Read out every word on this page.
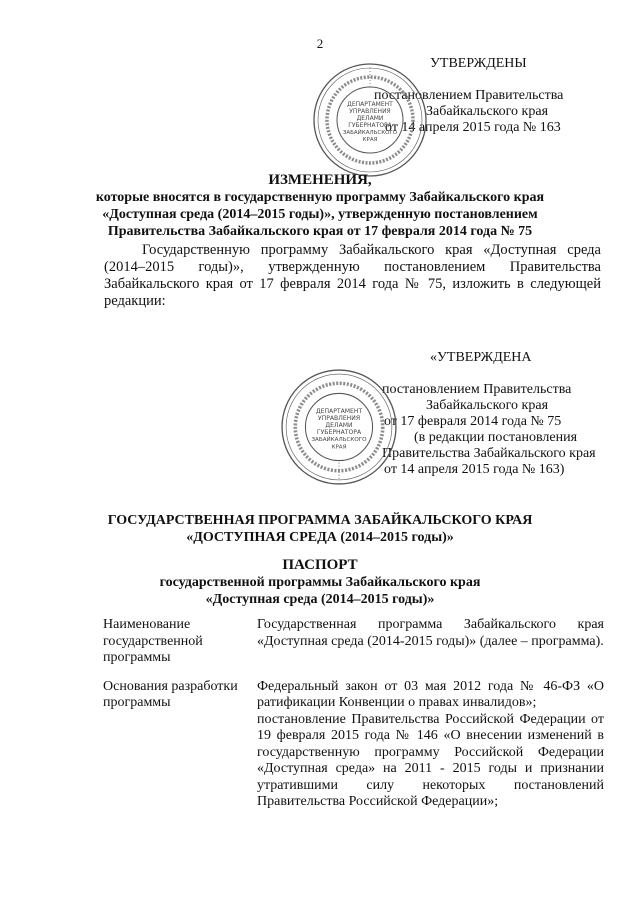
2
УТВЕРЖДЕНЫ
постановлением Правительства
Забайкальского края
от 14 апреля 2015 года № 163
ДЕПАРТАМЕНТ
УПРАВЛЕНИЯ
ДЕЛАМИ
ГУБЕРНАТОРА
ЗАБАЙКАЛЬСКОГО
КРАЯ
ИЗМЕНЕНИЯ,
которые вносятся в государственную программу Забайкальского края
«Доступная среда (2014–2015 годы)», утвержденную постановлением
Правительства Забайкальского края от 17 февраля 2014 года № 75
Государственную программу Забайкальского края «Доступная среда (2014–2015 годы)», утвержденную постановлением Правительства Забайкальского края от 17 февраля 2014 года № 75, изложить в следующей редакции:
«УТВЕРЖДЕНА
постановлением Правительства
Забайкальского края
от 17 февраля 2014 года № 75
(в редакции постановления
Правительства Забайкальского края
от 14 апреля 2015 года № 163)
ДЕПАРТАМЕНТ
УПРАВЛЕНИЯ
ДЕЛАМИ
ГУБЕРНАТОРА
ЗАБАЙКАЛЬСКОГО
КРАЯ
ГОСУДАРСТВЕННАЯ ПРОГРАММА ЗАБАЙКАЛЬСКОГО КРАЯ
«ДОСТУПНАЯ СРЕДА (2014–2015 годы)»
ПАСПОРТ
государственной программы Забайкальского края
«Доступная среда (2014–2015 годы)»
Наименование государственной программы	Государственная программа Забайкальского края «Доступная среда (2014-2015 годы)» (далее – программа).
Основания разработки программы	Федеральный закон от 03 мая 2012 года № 46-ФЗ «О ратификации Конвенции о правах инвалидов»;
постановление Правительства Российской Федерации от 19 февраля 2015 года № 146 «О внесении изменений в государственную программу Российской Федерации «Доступная среда» на 2011 - 2015 годы и признании утратившими силу некоторых постановлений Правительства Российской Федерации»;
